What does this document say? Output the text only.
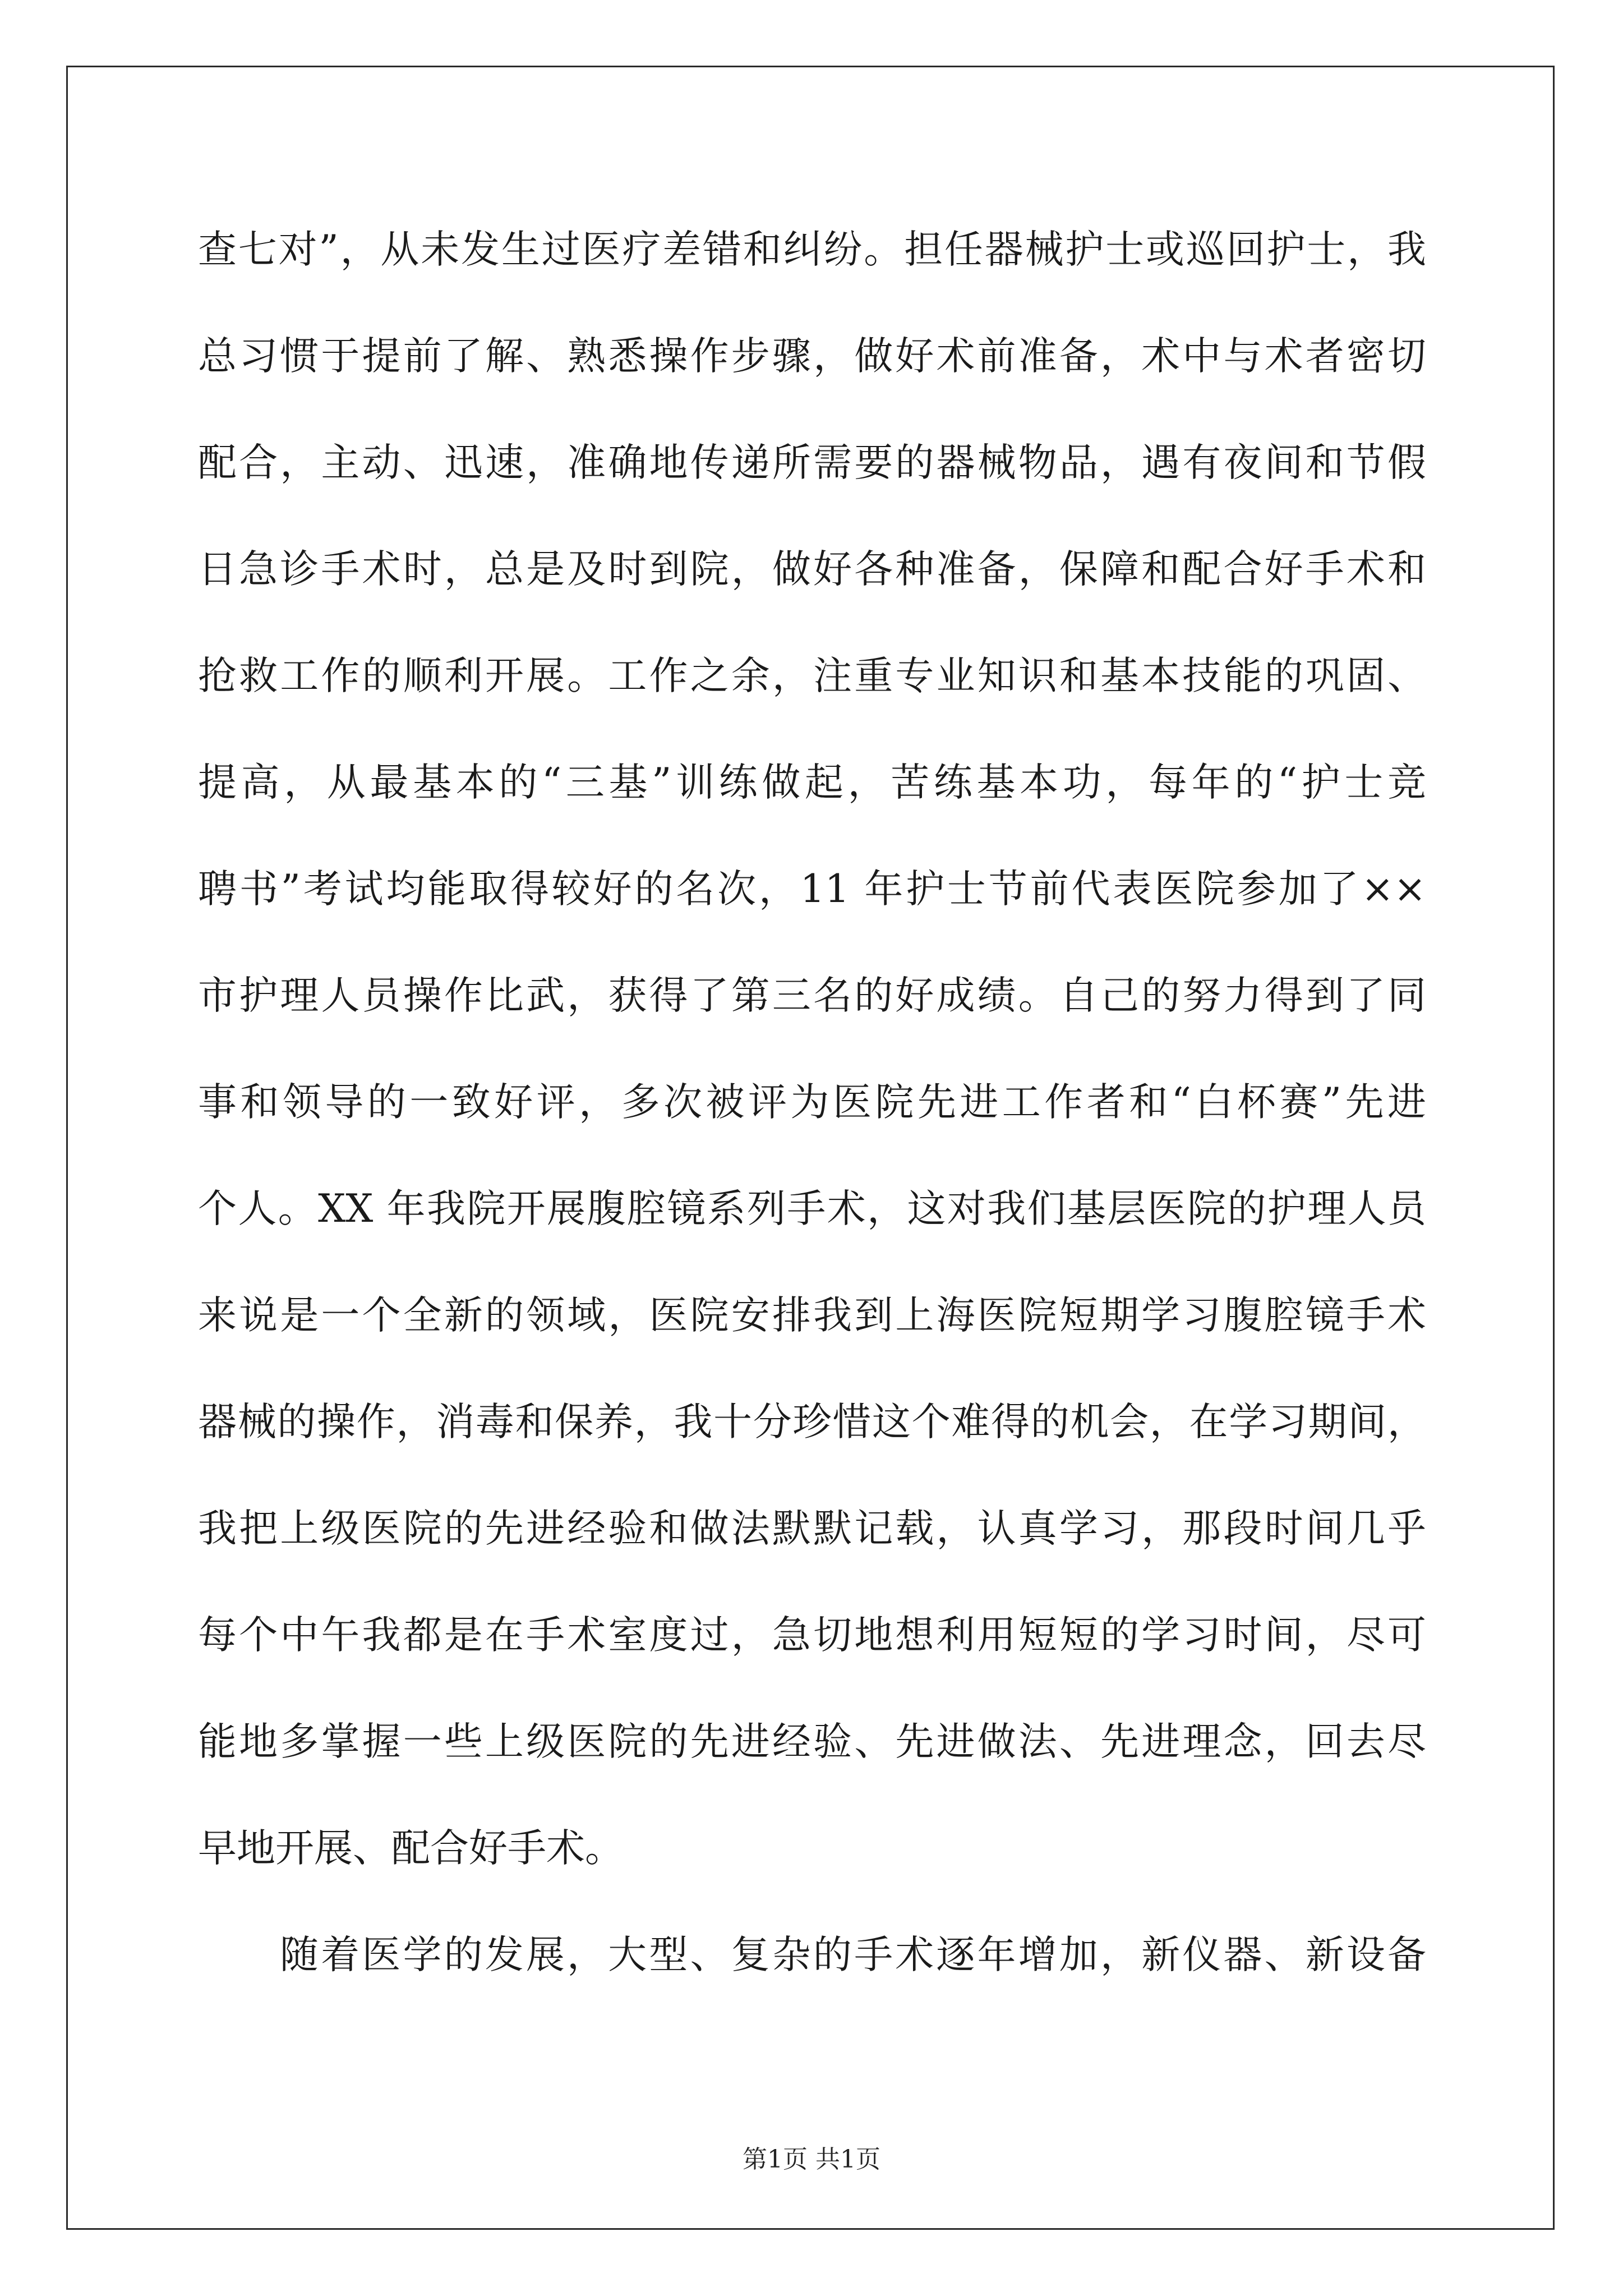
查七对”，从未发生过医疗差错和纠纷。担任器械护士或巡回护士，我
总习惯于提前了解、熟悉操作步骤，做好术前准备，术中与术者密切
配合，主动、迅速，准确地传递所需要的器械物品，遇有夜间和节假
日急诊手术时，总是及时到院，做好各种准备，保障和配合好手术和
抢救工作的顺利开展。工作之余，注重专业知识和基本技能的巩固、
提高，从最基本的“三基”训练做起，苦练基本功，每年的“护士竞
聘书”考试均能取得较好的名次，11 年护士节前代表医院参加了××
市护理人员操作比武，获得了第三名的好成绩。自己的努力得到了同
事和领导的一致好评，多次被评为医院先进工作者和“白杯赛”先进
个人。XX 年我院开展腹腔镜系列手术，这对我们基层医院的护理人员
来说是一个全新的领域，医院安排我到上海医院短期学习腹腔镜手术
器械的操作，消毒和保养，我十分珍惜这个难得的机会，在学习期间，
我把上级医院的先进经验和做法默默记载，认真学习，那段时间几乎
每个中午我都是在手术室度过，急切地想利用短短的学习时间，尽可
能地多掌握一些上级医院的先进经验、先进做法、先进理念，回去尽
早地开展、配合好手术。
随着医学的发展，大型、复杂的手术逐年增加，新仪器、新设备
第1页 共1页
